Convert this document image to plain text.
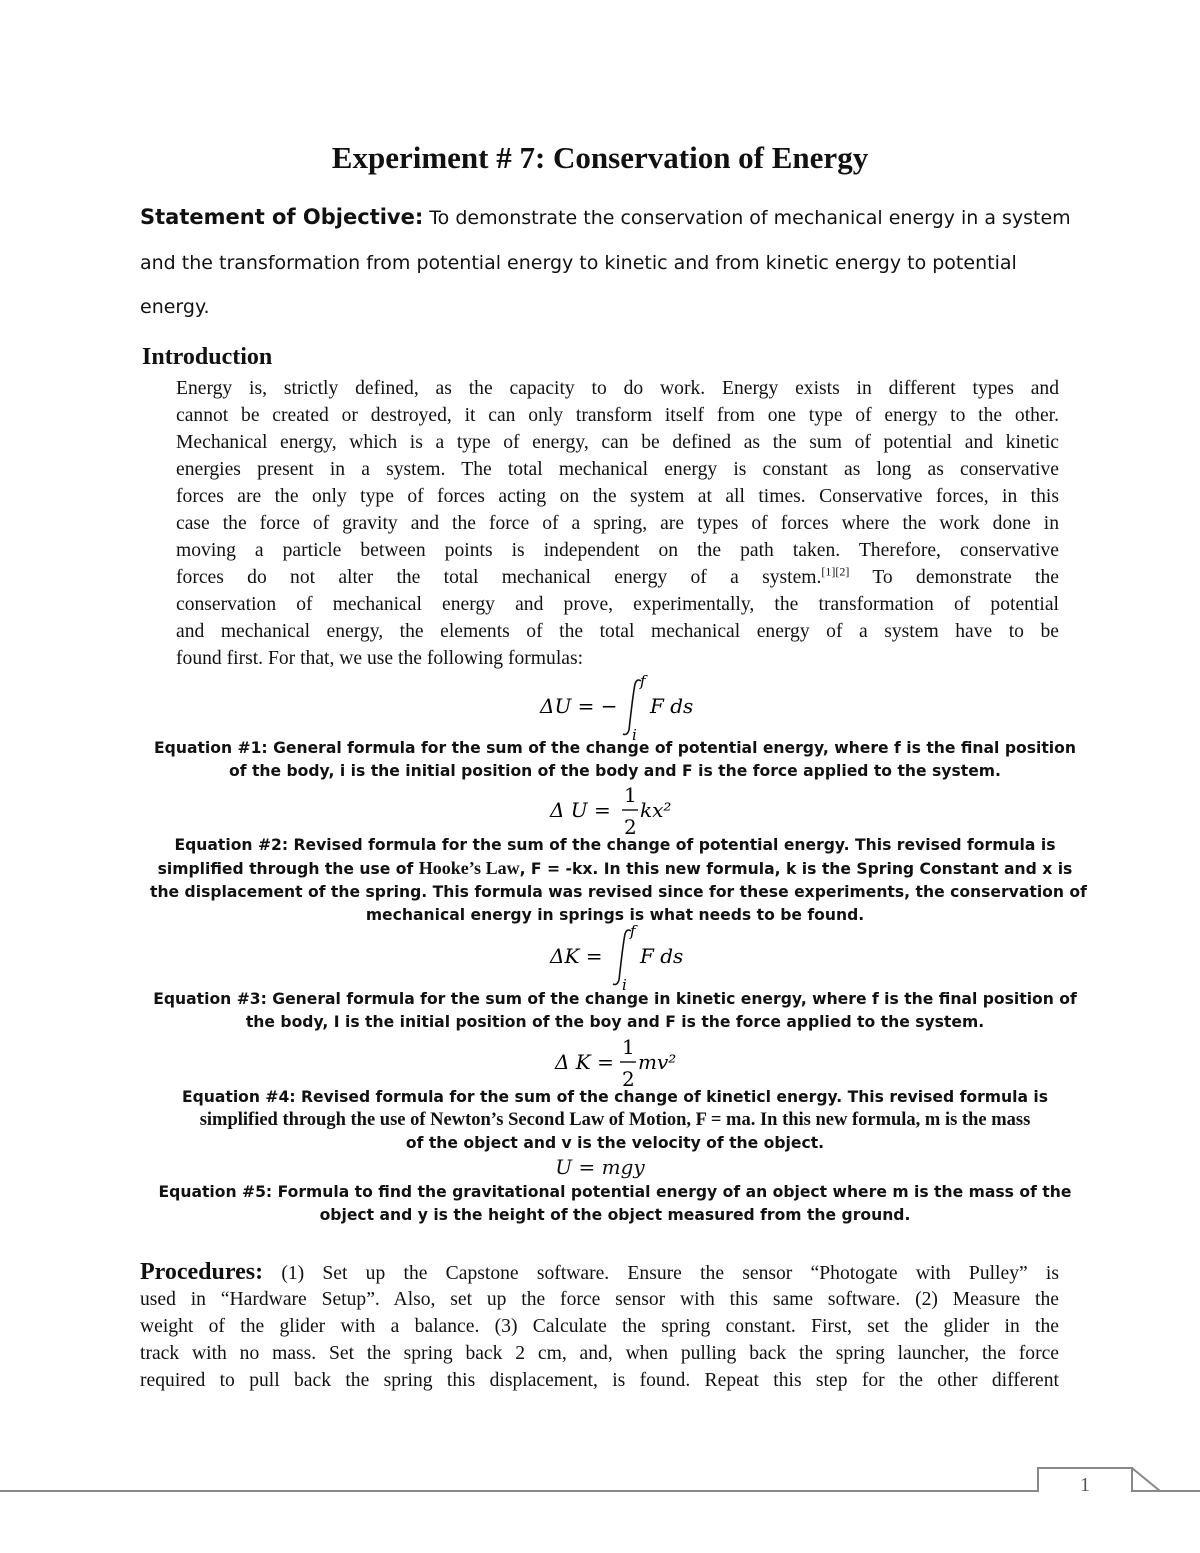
Experiment # 7: Conservation of Energy
Statement of Objective: To demonstrate the conservation of mechanical energy in a system
and the transformation from potential energy to kinetic and from kinetic energy to potential
energy.
Introduction
Energy is, strictly defined, as the capacity to do work. Energy exists in different types and
cannot be created or destroyed, it can only transform itself from one type of energy to the other.
Mechanical energy, which is a type of energy, can be defined as the sum of potential and kinetic
energies present in a system. The total mechanical energy is constant as long as conservative
forces are the only type of forces acting on the system at all times. Conservative forces, in this
case the force of gravity and the force of a spring, are types of forces where the work done in
moving a particle between points is independent on the path taken. Therefore, conservative
forces do not alter the total mechanical energy of a system.[1][2] To demonstrate the
conservation of mechanical energy and prove, experimentally, the transformation of potential
and mechanical energy, the elements of the total mechanical energy of a system have to be
found first. For that, we use the following formulas:
ΔU = −
f
i
F ds
Equation #1: General formula for the sum of the change of potential energy, where f is the final position
of the body, i is the initial position of the body and F is the force applied to the system.
Δ U =
1
2
kx²
Equation #2: Revised formula for the sum of the change of potential energy. This revised formula is
simplified through the use of Hooke’s Law, F = -kx. In this new formula, k is the Spring Constant and x is
the displacement of the spring. This formula was revised since for these experiments, the conservation of
mechanical energy in springs is what needs to be found.
ΔK =
f
i
F ds
Equation #3: General formula for the sum of the change in kinetic energy, where f is the final position of
the body, I is the initial position of the boy and F is the force applied to the system.
Δ K =
1
2
mv²
Equation #4: Revised formula for the sum of the change of kineticl energy. This revised formula is
simplified through the use of Newton’s Second Law of Motion, F = ma. In this new formula, m is the mass
of the object and v is the velocity of the object.
U = mgy
Equation #5: Formula to find the gravitational potential energy of an object where m is the mass of the
object and y is the height of the object measured from the ground.
Procedures: (1) Set up the Capstone software. Ensure the sensor “Photogate with Pulley” is
used in “Hardware Setup”. Also, set up the force sensor with this same software. (2) Measure the
weight of the glider with a balance. (3) Calculate the spring constant. First, set the glider in the
track with no mass. Set the spring back 2 cm, and, when pulling back the spring launcher, the force
required to pull back the spring this displacement, is found. Repeat this step for the other different
1
